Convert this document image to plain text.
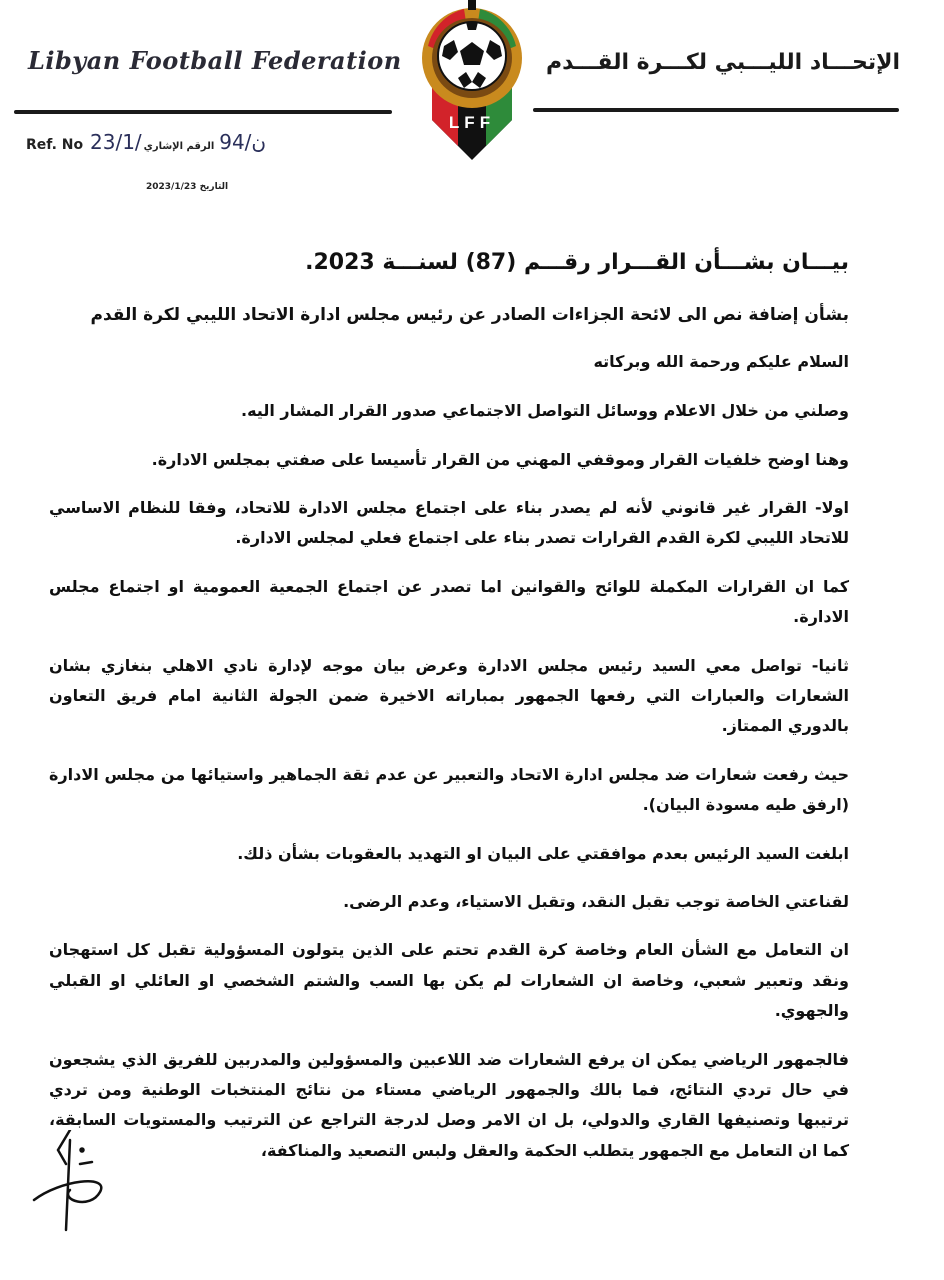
Libyan Football Federation	الإتحـــاد الليـــبي لكـــرة القـــدم
LFF
Ref. No 23/1/ن/94 الرقم الإشاري
2023/1/23 التاريخ
بيـــان بشـــأن القـــرار رقـــم (87) لسنـــة 2023.
بشأن إضافة نص الى لائحة الجزاءات الصادر عن رئيس مجلس ادارة الاتحاد الليبي لكرة القدم
السلام عليكم ورحمة الله وبركاته

وصلني من خلال الاعلام ووسائل التواصل الاجتماعي صدور القرار المشار اليه.

وهنا اوضح خلفيات القرار وموقفي المهني من القرار تأسيسا على صفتي بمجلس الادارة.

اولا- القرار غير قانوني لأنه لم يصدر بناء على اجتماع مجلس الادارة للاتحاد، وفقا للنظام الاساسي للاتحاد الليبي لكرة القدم القرارات تصدر بناء على اجتماع فعلي لمجلس الادارة.

كما ان القرارات المكملة للوائح والقوانين اما تصدر عن اجتماع الجمعية العمومية او اجتماع مجلس الادارة.

ثانيا- تواصل معي السيد رئيس مجلس الادارة وعرض بيان موجه لإدارة نادي الاهلي بنغازي بشان الشعارات والعبارات التي رفعها الجمهور بمباراته الاخيرة ضمن الجولة الثانية امام فريق التعاون بالدوري الممتاز.

حيث رفعت شعارات ضد مجلس ادارة الاتحاد والتعبير عن عدم ثقة الجماهير واستيائها من مجلس الادارة (ارفق طيه مسودة البيان).

ابلغت السيد الرئيس بعدم موافقتي على البيان او التهديد بالعقوبات بشأن ذلك.

لقناعتي الخاصة توجب تقبل النقد، وتقبل الاستياء، وعدم الرضى.

ان التعامل مع الشأن العام وخاصة كرة القدم تحتم على الذين يتولون المسؤولية تقبل كل استهجان ونقد وتعبير شعبي، وخاصة ان الشعارات لم يكن بها السب والشتم الشخصي او العائلي او القبلي والجهوي.

فالجمهور الرياضي يمكن ان يرفع الشعارات ضد اللاعبين والمسؤولين والمدربين للفريق الذي يشجعون في حال تردي النتائج، فما بالك والجمهور الرياضي مستاء من نتائج المنتخبات الوطنية ومن تردي ترتيبها وتصنيفها القاري والدولي، بل ان الامر وصل لدرجة التراجع عن الترتيب والمستويات السابقة، كما ان التعامل مع الجمهور يتطلب الحكمة والعقل ولبس التصعيد والمناكفة،
